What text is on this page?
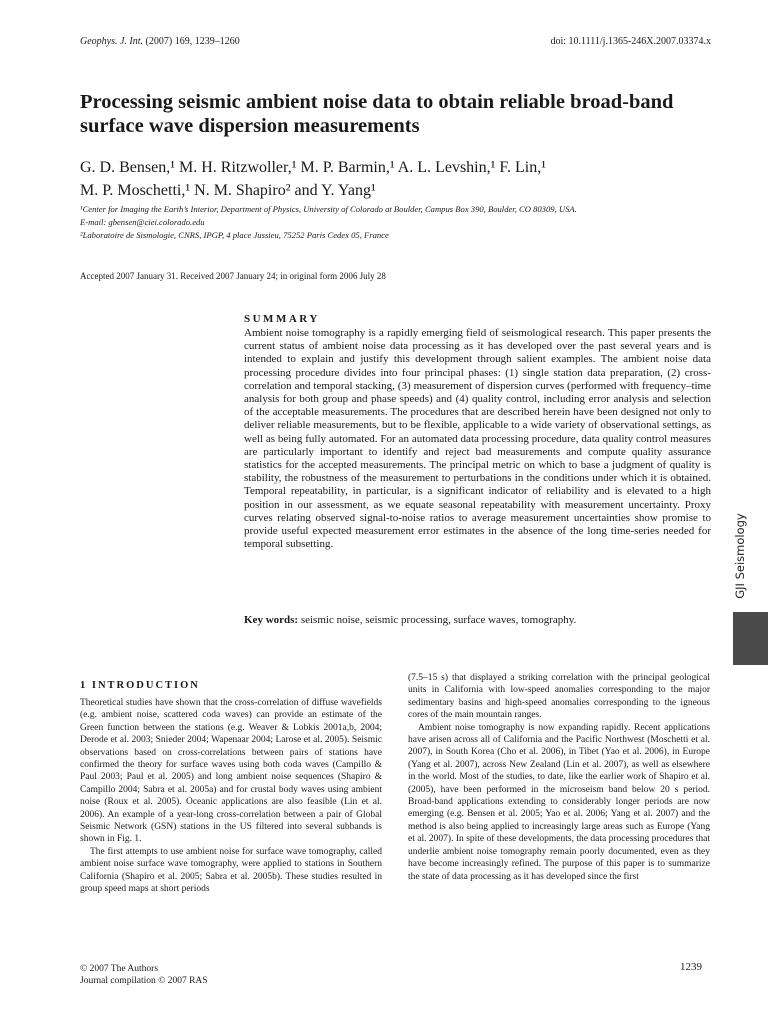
Geophys. J. Int. (2007) 169, 1239–1260	doi: 10.1111/j.1365-246X.2007.03374.x
Processing seismic ambient noise data to obtain reliable broad-band surface wave dispersion measurements
G. D. Bensen,¹ M. H. Ritzwoller,¹ M. P. Barmin,¹ A. L. Levshin,¹ F. Lin,¹
M. P. Moschetti,¹ N. M. Shapiro² and Y. Yang¹
¹Center for Imaging the Earth’s Interior, Department of Physics, University of Colorado at Boulder, Campus Box 390, Boulder, CO 80309, USA.
E-mail: gbensen@ciei.colorado.edu
²Laboratoire de Sismologie, CNRS, IPGP, 4 place Jussieu, 75252 Paris Cedex 05, France
Accepted 2007 January 31. Received 2007 January 24; in original form 2006 July 28
SUMMARY

Ambient noise tomography is a rapidly emerging field of seismological research. This paper presents the current status of ambient noise data processing as it has developed over the past several years and is intended to explain and justify this development through salient examples. The ambient noise data processing procedure divides into four principal phases: (1) single station data preparation, (2) cross-correlation and temporal stacking, (3) measurement of dispersion curves (performed with frequency–time analysis for both group and phase speeds) and (4) quality control, including error analysis and selection of the acceptable measurements. The procedures that are described herein have been designed not only to deliver reliable measurements, but to be flexible, applicable to a wide variety of observational settings, as well as being fully automated. For an automated data processing procedure, data quality control measures are particularly important to identify and reject bad measurements and compute quality assurance statistics for the accepted measurements. The principal metric on which to base a judgment of quality is stability, the robustness of the measurement to perturbations in the conditions under which it is obtained. Temporal repeatability, in particular, is a significant indicator of reliability and is elevated to a high position in our assessment, as we equate seasonal repeatability with measurement uncertainty. Proxy curves relating observed signal-to-noise ratios to average measurement uncertainties show promise to provide useful expected measurement error estimates in the absence of the long time-series needed for temporal subsetting.

Key words: seismic noise, seismic processing, surface waves, tomography.
GJI Seismology
1 INTRODUCTION

Theoretical studies have shown that the cross-correlation of diffuse wavefields (e.g. ambient noise, scattered coda waves) can provide an estimate of the Green function between the stations (e.g. Weaver & Lobkis 2001a,b, 2004; Derode et al. 2003; Snieder 2004; Wapenaar 2004; Larose et al. 2005). Seismic observations based on cross-correlations between pairs of stations have confirmed the theory for surface waves using both coda waves (Campillo & Paul 2003; Paul et al. 2005) and long ambient noise sequences (Shapiro & Campillo 2004; Sabra et al. 2005a) and for crustal body waves using ambient noise (Roux et al. 2005). Oceanic applications are also feasible (Lin et al. 2006). An example of a year-long cross-correlation between a pair of Global Seismic Network (GSN) stations in the US filtered into several subbands is shown in Fig. 1.

The first attempts to use ambient noise for surface wave tomography, called ambient noise surface wave tomography, were applied to stations in Southern California (Shapiro et al. 2005; Sabra et al. 2005b). These studies resulted in group speed maps at short periods

(7.5–15 s) that displayed a striking correlation with the principal geological units in California with low-speed anomalies corresponding to the major sedimentary basins and high-speed anomalies corresponding to the igneous cores of the main mountain ranges.

Ambient noise tomography is now expanding rapidly. Recent applications have arisen across all of California and the Pacific Northwest (Moschetti et al. 2007), in South Korea (Cho et al. 2006), in Tibet (Yao et al. 2006), in Europe (Yang et al. 2007), across New Zealand (Lin et al. 2007), as well as elsewhere in the world. Most of the studies, to date, like the earlier work of Shapiro et al. (2005), have been performed in the microseism band below 20 s period. Broad-band applications extending to considerably longer periods are now emerging (e.g. Bensen et al. 2005; Yao et al. 2006; Yang et al. 2007) and the method is also being applied to increasingly large areas such as Europe (Yang et al. 2007). In spite of these developments, the data processing procedures that underlie ambient noise tomography remain poorly documented, even as they have become increasingly refined. The purpose of this paper is to summarize the state of data processing as it has developed since the first

© 2007 The Authors
Journal compilation © 2007 RAS
1239
